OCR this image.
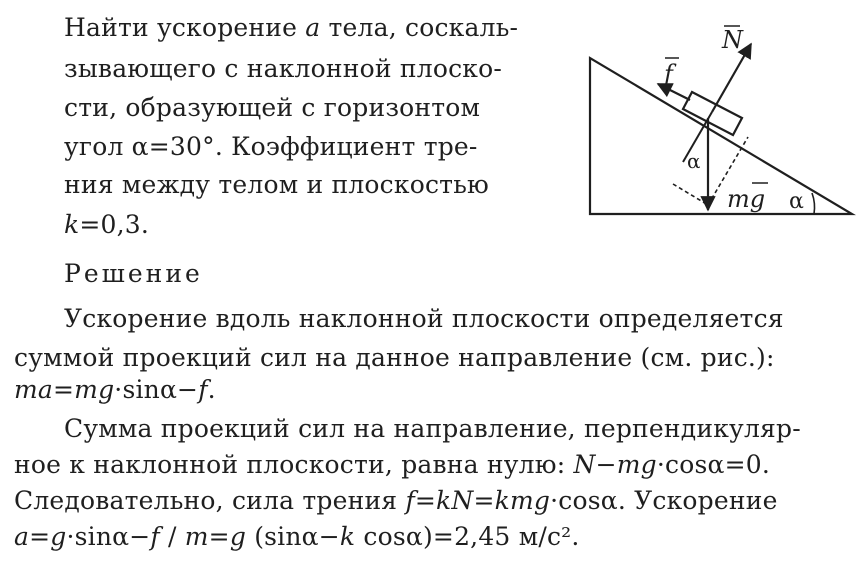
Найти ускорение a тела, соскаль-
зывающего с наклонной плоско-
сти, образующей с горизонтом
угол α=30°. Коэффициент тре-
ния между телом и плоскостью
k=0,3.
N
f
α
mg α
Решение
Ускорение вдоль наклонной плоскости определяется
суммой проекций сил на данное направление (см. рис.):
ma=mg·sinα−f.
Сумма проекций сил на направление, перпендикуляр-
ное к наклонной плоскости, равна нулю: N−mg·cosα=0.
Следовательно, сила трения f=kN=kmg·cosα. Ускорение
a=g·sinα−f / m=g (sinα−k cosα)=2,45 м/с².
